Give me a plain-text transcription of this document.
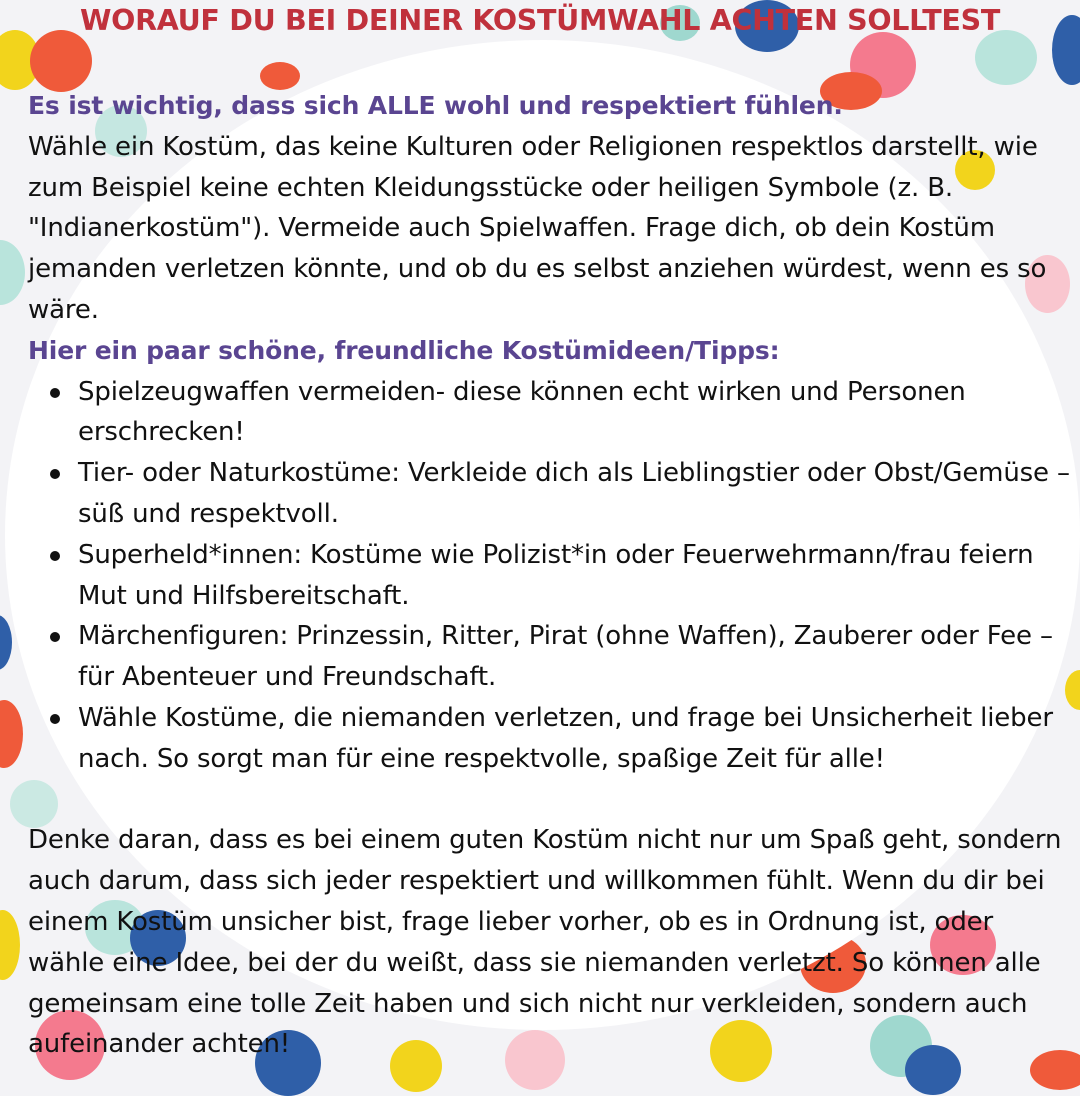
WORAUF DU BEI DEINER KOSTÜMWAHL ACHTEN SOLLTEST

Es ist wichtig, dass sich ALLE wohl und respektiert fühlen.

Wähle ein Kostüm, das keine Kulturen oder Religionen respektlos darstellt, wie zum Beispiel keine echten Kleidungsstücke oder heiligen Symbole (z. B. "Indianerkostüm"). Vermeide auch Spielwaffen. Frage dich, ob dein Kostüm jemanden verletzen könnte, und ob du es selbst anziehen würdest, wenn es so wäre.

Hier ein paar schöne, freundliche Kostümideen/Tipps:

Spielzeugwaffen vermeiden- diese können echt wirken und Personen erschrecken!
Tier- oder Naturkostüme: Verkleide dich als Lieblingstier oder Obst/Gemüse – süß und respektvoll.
Superheld*innen: Kostüme wie Polizist*in oder Feuerwehrmann/frau feiern Mut und Hilfsbereitschaft.
Märchenfiguren: Prinzessin, Ritter, Pirat (ohne Waffen), Zauberer oder Fee – für Abenteuer und Freundschaft.
Wähle Kostüme, die niemanden verletzen, und frage bei Unsicherheit lieber nach. So sorgt man für eine respektvolle, spaßige Zeit für alle!

Denke daran, dass es bei einem guten Kostüm nicht nur um Spaß geht, sondern auch darum, dass sich jeder respektiert und willkommen fühlt. Wenn du dir bei einem Kostüm unsicher bist, frage lieber vorher, ob es in Ordnung ist, oder wähle eine Idee, bei der du weißt, dass sie niemanden verletzt. So können alle gemeinsam eine tolle Zeit haben und sich nicht nur verkleiden, sondern auch aufeinander achten!
